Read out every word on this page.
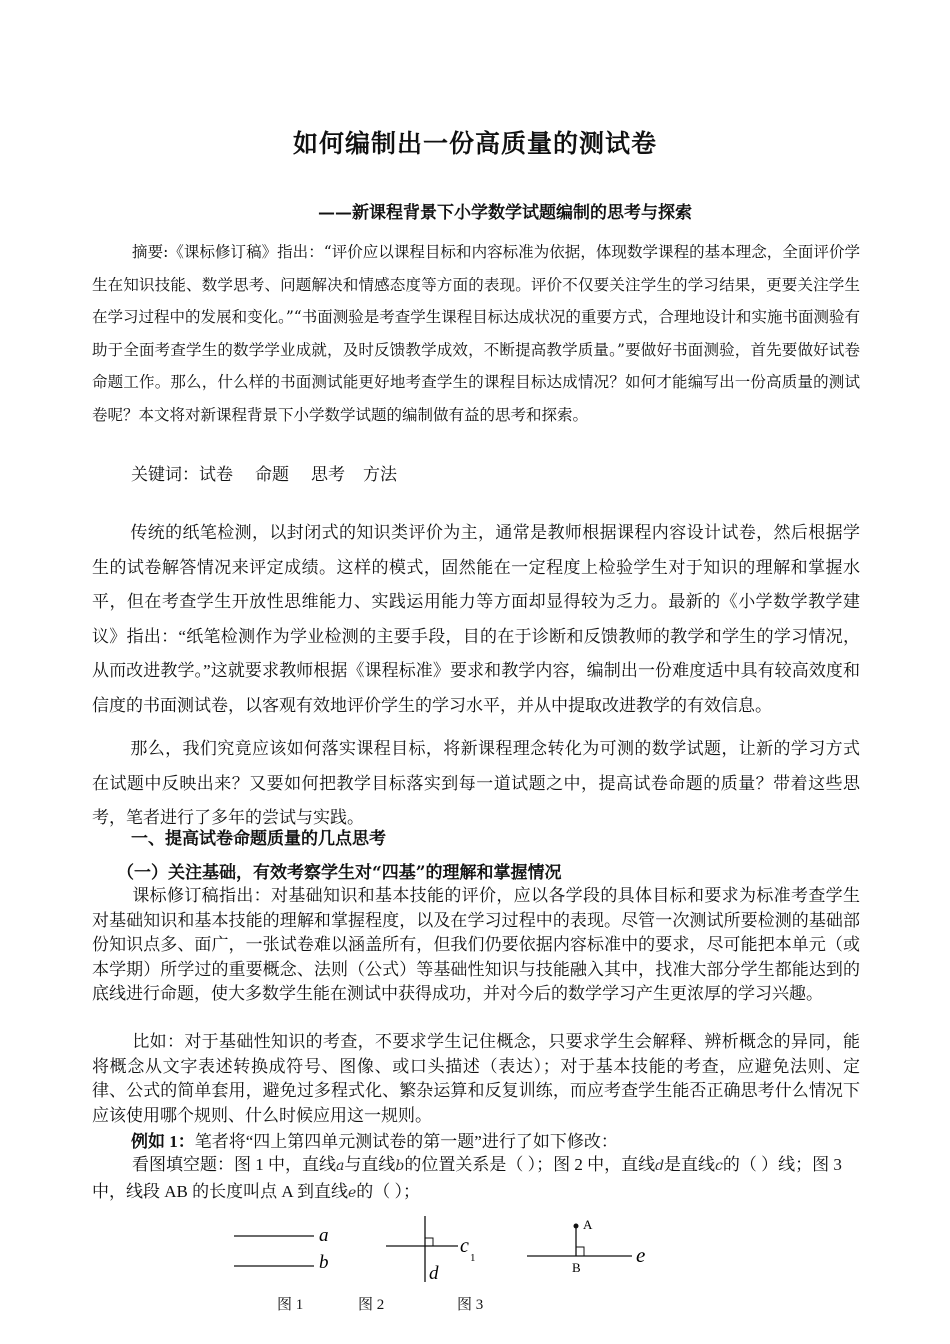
如何编制出一份高质量的测试卷
——新课程背景下小学数学试题编制的思考与探索
摘要:《课标修订稿》指出：“评价应以课程目标和内容标准为依据，体现数学课程的基本理念，全面评价学生在知识技能、数学思考、问题解决和情感态度等方面的表现。评价不仅要关注学生的学习结果，更要关注学生在学习过程中的发展和变化。”“书面测验是考查学生课程目标达成状况的重要方式，合理地设计和实施书面测验有助于全面考查学生的数学学业成就，及时反馈教学成效，不断提高教学质量。”要做好书面测验，首先要做好试卷命题工作。那么，什么样的书面测试能更好地考查学生的课程目标达成情况？如何才能编写出一份高质量的测试卷呢？本文将对新课程背景下小学数学试题的编制做有益的思考和探索。
关键词：试卷 命题 思考 方法
传统的纸笔检测，以封闭式的知识类评价为主，通常是教师根据课程内容设计试卷，然后根据学生的试卷解答情况来评定成绩。这样的模式，固然能在一定程度上检验学生对于知识的理解和掌握水平，但在考查学生开放性思维能力、实践运用能力等方面却显得较为乏力。最新的《小学数学教学建议》指出：“纸笔检测作为学业检测的主要手段，目的在于诊断和反馈教师的教学和学生的学习情况，从而改进教学。”这就要求教师根据《课程标准》要求和教学内容，编制出一份难度适中具有较高效度和信度的书面测试卷，以客观有效地评价学生的学习水平，并从中提取改进教学的有效信息。
那么，我们究竟应该如何落实课程目标，将新课程理念转化为可测的数学试题，让新的学习方式在试题中反映出来？又要如何把教学目标落实到每一道试题之中，提高试卷命题的质量？带着这些思考，笔者进行了多年的尝试与实践。
一、提高试卷命题质量的几点思考
（一）关注基础，有效考察学生对“四基”的理解和掌握情况
课标修订稿指出：对基础知识和基本技能的评价，应以各学段的具体目标和要求为标准考查学生对基础知识和基本技能的理解和掌握程度，以及在学习过程中的表现。尽管一次测试所要检测的基础部份知识点多、面广，一张试卷难以涵盖所有，但我们仍要依据内容标准中的要求，尽可能把本单元（或本学期）所学过的重要概念、法则（公式）等基础性知识与技能融入其中，找准大部分学生都能达到的底线进行命题，使大多数学生能在测试中获得成功，并对今后的数学学习产生更浓厚的学习兴趣。
比如：对于基础性知识的考查，不要求学生记住概念，只要求学生会解释、辨析概念的异同，能将概念从文字表述转换成符号、图像、或口头描述（表达）；对于基本技能的考查，应避免法则、定律、公式的简单套用，避免过多程式化、繁杂运算和反复训练，而应考查学生能否正确思考什么情况下应该使用哪个规则、什么时候应用这一规则。
例如 1：笔者将“四上第四单元测试卷的第一题”进行了如下修改：
看图填空题：图 1 中，直线a与直线b的位置关系是（ ）；图 2 中，直线d是直线c的（ ）线；图 3 中，线段 AB 的长度叫点 A 到直线e的（ ）；
a
b
c
1
d
A
B
e
图 1	图 2	图 3
